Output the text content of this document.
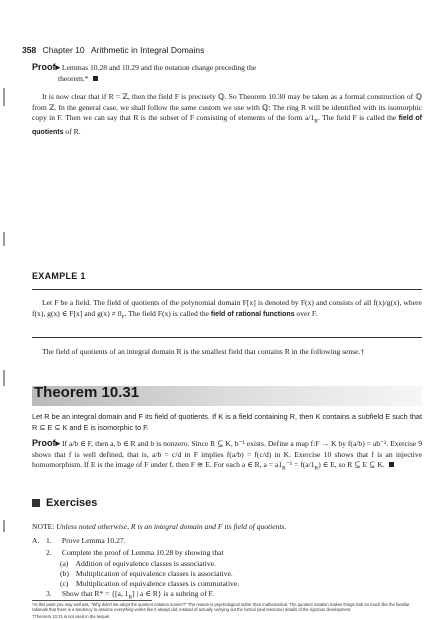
358 Chapter 10 Arithmetic in Integral Domains
Proof▸ Lemmas 10.28 and 10.29 and the notation change preceding the
theorem.*
It is now clear that if R = ℤ, then the field F is precisely ℚ. So Theorem 10.30 may be taken as a formal construction of ℚ from ℤ. In the general case, we shall follow the same custom we use with ℚ: The ring R will be identified with its isomorphic copy in F. Then we can say that R is the subset of F consisting of elements of the form $a/1_R$. The field F is called the field of quotients of R.
EXAMPLE 1
Let F be a field. The field of quotients of the polynomial domain F[x] is denoted by F(x) and consists of all f(x)/g(x), where f(x), g(x) ∈ F[x] and $g(x) \ne 0_F$. The field F(x) is called the field of rational functions over F.
The field of quotients of an integral domain R is the smallest field that contains R in the following sense.†
Theorem 10.31
Let R be an integral domain and F its field of quotients. If K is a field containing R, then K contains a subfield E such that R ⊆ E ⊆ K and E is isomorphic to F.
Proof▸ If a/b ∈ F, then a, b ∈ R and b is nonzero. Since R ⊆ K, b⁻¹ exists. Define a map f:F → K by f(a/b) = ab⁻¹. Exercise 9 shows that f is well defined, that is, a/b = c/d in F implies f(a/b) = f(c/d) in K. Exercise 10 shows that f is an injective homomorphism. If E is the image of F under f, then F ≅ E. For each a ∈ R, $a = a1_R^{-1} = f(a/1_R)$ ∈ E, so R ⊆ E ⊆ K.
Exercises
NOTE: Unless noted otherwise, R is an integral domain and F its field of quotients.
A. 1. Prove Lemma 10.27.
2. Complete the proof of Lemma 10.28 by showing that
(a) Addition of equivalence classes is associative.
(b) Multiplication of equivalence classes is associative.
*At this point you may well ask, "Why didn't we adopt the quotient notation sooner?" The reason is psychological rather than mathematical. The quotient notation makes things look so much like the familiar rationals that there is a tendency to assume everything works like it always did, instead of actually carrying out the formal (and tiresome) details of the rigorous development.
†Theorem 10.31 is not used in the sequel.
(c) Multiplication of equivalence classes is commutative.
3. Show that R* = {[a, $1_R$] | a ∈ R} is a subring of F.
